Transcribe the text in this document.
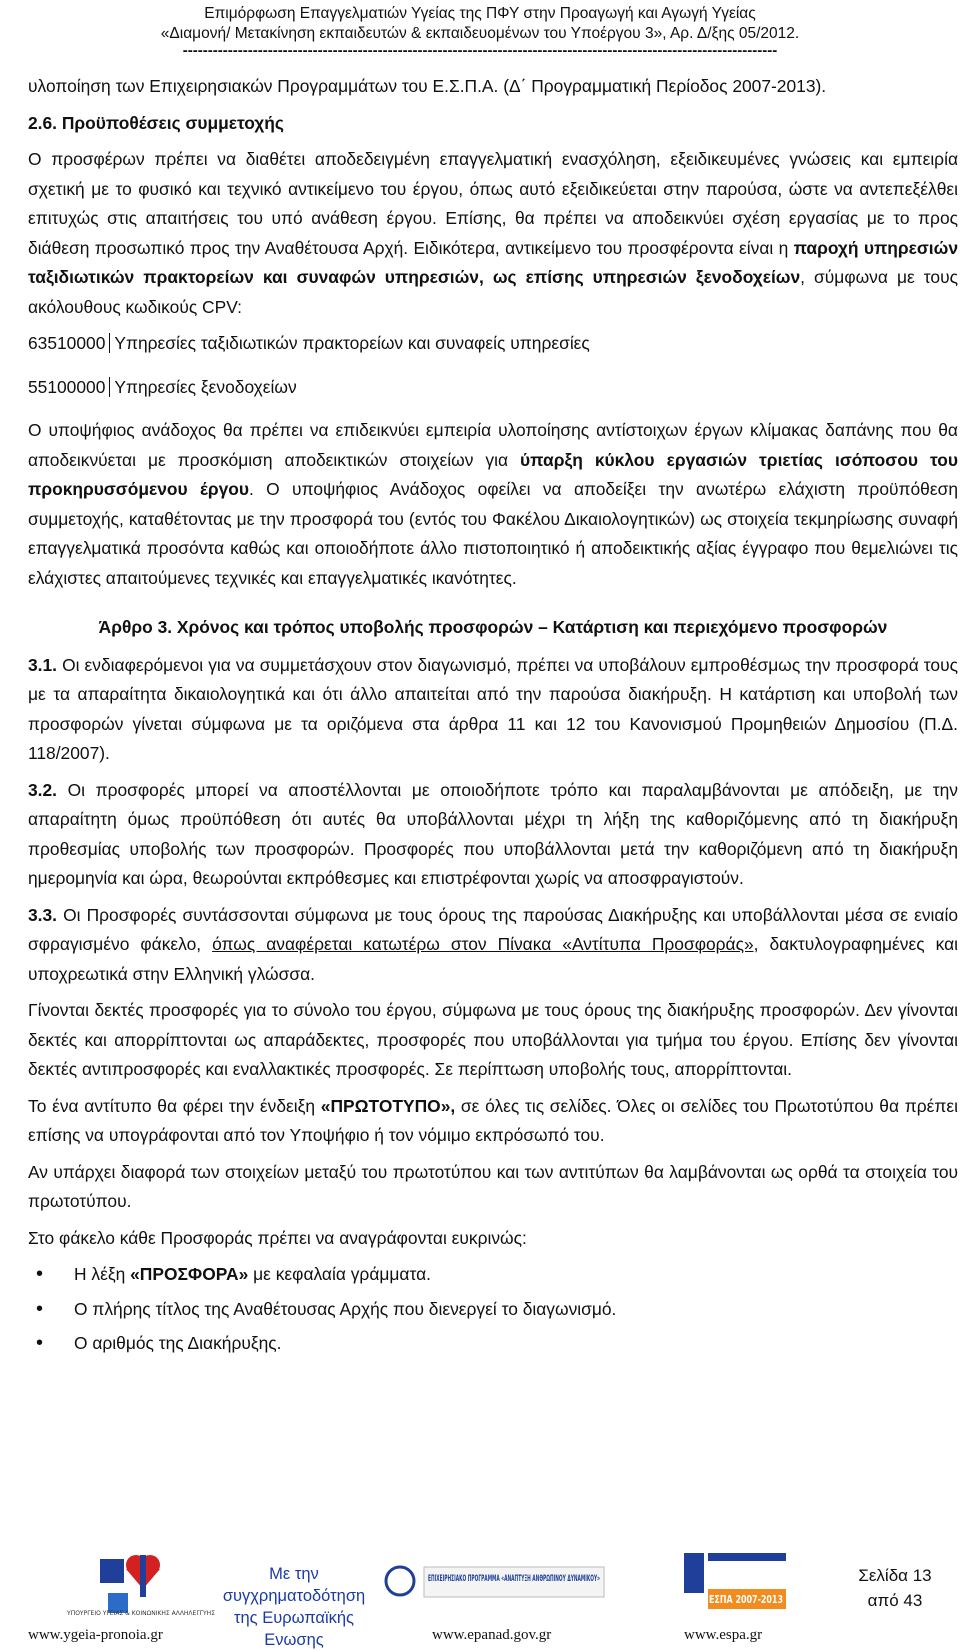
Επιμόρφωση Επαγγελματιών Υγείας της ΠΦΥ στην Προαγωγή και Αγωγή Υγείας
«Διαμονή/ Μετακίνηση εκπαιδευτών & εκπαιδευομένων του Υποέργου 3», Αρ. Δ/ξης 05/2012.
-----------------------------------------------------------------------------------------------------------------------

υλοποίηση των Επιχειρησιακών Προγραμμάτων του Ε.Σ.Π.Α. (Δ΄ Προγραμματική Περίοδος 2007-2013).

2.6. Προϋποθέσεις συμμετοχής

Ο προσφέρων πρέπει να διαθέτει αποδεδειγμένη επαγγελματική ενασχόληση, εξειδικευμένες γνώσεις και εμπειρία σχετική με το φυσικό και τεχνικό αντικείμενο του έργου, όπως αυτό εξειδικεύεται στην παρούσα, ώστε να αντεπεξέλθει επιτυχώς στις απαιτήσεις του υπό ανάθεση έργου. Επίσης, θα πρέπει να αποδεικνύει σχέση εργασίας με το προς διάθεση προσωπικό προς την Αναθέτουσα Αρχή. Ειδικότερα, αντικείμενο του προσφέροντα είναι η παροχή υπηρεσιών ταξιδιωτικών πρακτορείων και συναφών υπηρεσιών, ως επίσης υπηρεσιών ξενοδοχείων, σύμφωνα με τους ακόλουθους κωδικούς CPV:

63510000 Υπηρεσίες ταξιδιωτικών πρακτορείων και συναφείς υπηρεσίες

55100000 Υπηρεσίες ξενοδοχείων

Ο υποψήφιος ανάδοχος θα πρέπει να επιδεικνύει εμπειρία υλοποίησης αντίστοιχων έργων κλίμακας δαπάνης που θα αποδεικνύεται με προσκόμιση αποδεικτικών στοιχείων για ύπαρξη κύκλου εργασιών τριετίας ισόποσου του προκηρυσσόμενου έργου. Ο υποψήφιος Ανάδοχος οφείλει να αποδείξει την ανωτέρω ελάχιστη προϋπόθεση συμμετοχής, καταθέτοντας με την προσφορά του (εντός του Φακέλου Δικαιολογητικών) ως στοιχεία τεκμηρίωσης συναφή επαγγελματικά προσόντα καθώς και οποιοδήποτε άλλο πιστοποιητικό ή αποδεικτικής αξίας έγγραφο που θεμελιώνει τις ελάχιστες απαιτούμενες τεχνικές και επαγγελματικές ικανότητες.

Άρθρο 3. Χρόνος και τρόπος υποβολής προσφορών – Κατάρτιση και περιεχόμενο προσφορών

3.1. Οι ενδιαφερόμενοι για να συμμετάσχουν στον διαγωνισμό, πρέπει να υποβάλουν εμπροθέσμως την προσφορά τους με τα απαραίτητα δικαιολογητικά και ότι άλλο απαιτείται από την παρούσα διακήρυξη. Η κατάρτιση και υποβολή των προσφορών γίνεται σύμφωνα με τα οριζόμενα στα άρθρα 11 και 12 του Κανονισμού Προμηθειών Δημοσίου (Π.Δ. 118/2007).

3.2. Οι προσφορές μπορεί να αποστέλλονται με οποιοδήποτε τρόπο και παραλαμβάνονται με απόδειξη, με την απαραίτητη όμως προϋπόθεση ότι αυτές θα υποβάλλονται μέχρι τη λήξη της καθοριζόμενης από τη διακήρυξη προθεσμίας υποβολής των προσφορών. Προσφορές που υποβάλλονται μετά την καθοριζόμενη από τη διακήρυξη ημερομηνία και ώρα, θεωρούνται εκπρόθεσμες και επιστρέφονται χωρίς να αποσφραγιστούν.

3.3. Οι Προσφορές συντάσσονται σύμφωνα με τους όρους της παρούσας Διακήρυξης και υποβάλλονται μέσα σε ενιαίο σφραγισμένο φάκελο, όπως αναφέρεται κατωτέρω στον Πίνακα «Αντίτυπα Προσφοράς», δακτυλογραφημένες και υποχρεωτικά στην Ελληνική γλώσσα.

Γίνονται δεκτές προσφορές για το σύνολο του έργου, σύμφωνα με τους όρους της διακήρυξης προσφορών. Δεν γίνονται δεκτές και απορρίπτονται ως απαράδεκτες, προσφορές που υποβάλλονται για τμήμα του έργου. Επίσης δεν γίνονται δεκτές αντιπροσφορές και εναλλακτικές προσφορές. Σε περίπτωση υποβολής τους, απορρίπτονται.

Το ένα αντίτυπο θα φέρει την ένδειξη «ΠΡΩΤΟΤΥΠΟ», σε όλες τις σελίδες. Όλες οι σελίδες του Πρωτοτύπου θα πρέπει επίσης να υπογράφονται από τον Υποψήφιο ή τον νόμιμο εκπρόσωπό του.

Αν υπάρχει διαφορά των στοιχείων μεταξύ του πρωτοτύπου και των αντιτύπων θα λαμβάνονται ως ορθά τα στοιχεία του πρωτοτύπου.

Στο φάκελο κάθε Προσφοράς πρέπει να αναγράφονται ευκρινώς:

• Η λέξη «ΠΡΟΣΦΟΡΑ» με κεφαλαία γράμματα.
• Ο πλήρης τίτλος της Αναθέτουσας Αρχής που διενεργεί το διαγωνισμό.
• Ο αριθμός της Διακήρυξης.
ΥΠΟΥΡΓΕΙΟ ΥΓΕΙΑΣ & ΚΟΙΝΩΝΙΚΗΣ ΑΛΛΗΛΕΓΓΥΗΣ
www.ygeia-pronoia.gr
Με την
συγχρηματοδότηση
της Ευρωπαϊκής
Ενωσης
ΕΠΙΧΕΙΡΗΣΙΑΚΟ ΠΡΟΓΡΑΜΜΑ «ΑΝΑΠΤΥΞΗ ΑΝΘΡΩΠΙΝΟΥ ΔΥΝΑΜΙΚΟΥ»
www.epanad.gov.gr
ΕΣΠΑ 2007-2013
www.espa.gr
Σελίδα 13
από 43
